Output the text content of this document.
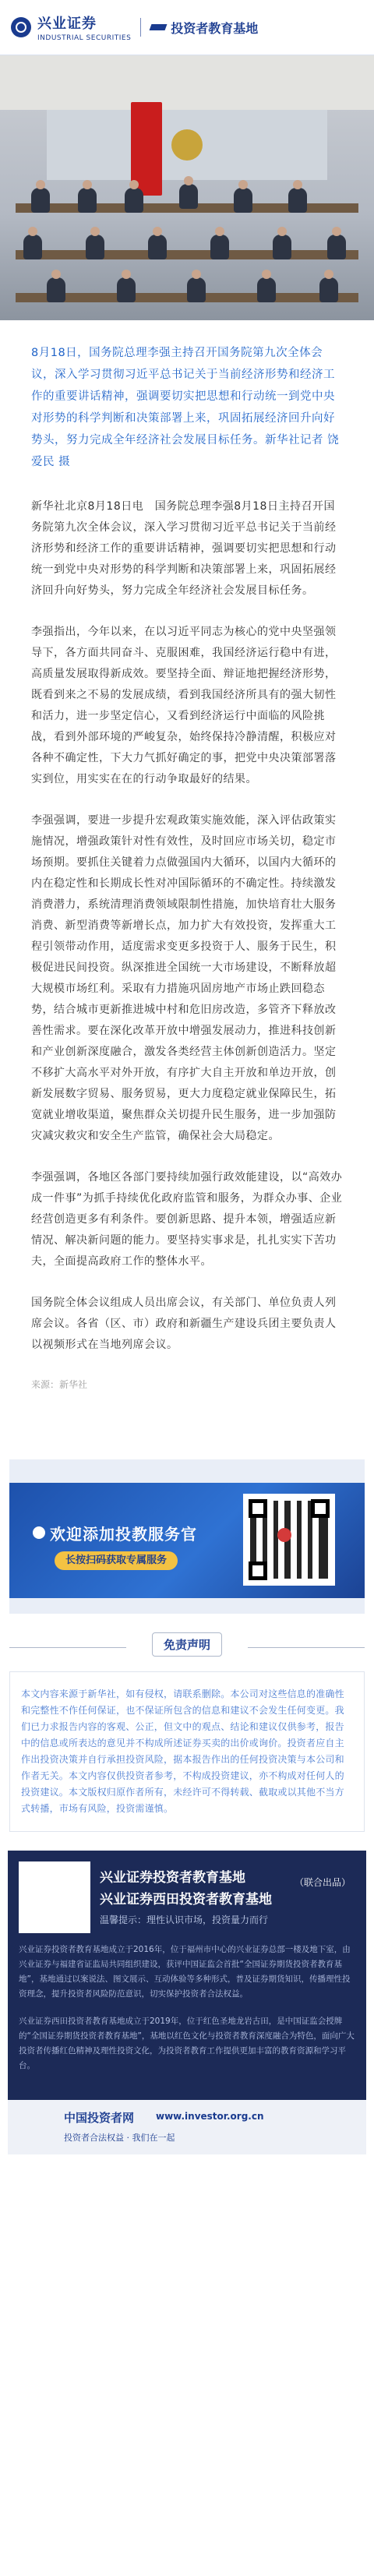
兴业证券
INDUSTRIAL SECURITIES
投资者教育基地

8月18日，国务院总理李强主持召开国务院第九次全体会议，深入学习贯彻习近平总书记关于当前经济形势和经济工作的重要讲话精神，强调要切实把思想和行动统一到党中央对形势的科学判断和决策部署上来，巩固拓展经济回升向好势头，努力完成全年经济社会发展目标任务。新华社记者 饶爱民 摄

新华社北京8月18日电　国务院总理李强8月18日主持召开国务院第九次全体会议，深入学习贯彻习近平总书记关于当前经济形势和经济工作的重要讲话精神，强调要切实把思想和行动统一到党中央对形势的科学判断和决策部署上来，巩固拓展经济回升向好势头，努力完成全年经济社会发展目标任务。

李强指出，今年以来，在以习近平同志为核心的党中央坚强领导下，各方面共同奋斗、克服困难，我国经济运行稳中有进，高质量发展取得新成效。要坚持全面、辩证地把握经济形势，既看到来之不易的发展成绩，看到我国经济所具有的强大韧性和活力，进一步坚定信心，又看到经济运行中面临的风险挑战，看到外部环境的严峻复杂，始终保持冷静清醒，积极应对各种不确定性，下大力气抓好确定的事，把党中央决策部署落实到位，用实实在在的行动争取最好的结果。

李强强调，要进一步提升宏观政策实施效能，深入评估政策实施情况，增强政策针对性有效性，及时回应市场关切，稳定市场预期。要抓住关键着力点做强国内大循环，以国内大循环的内在稳定性和长期成长性对冲国际循环的不确定性。持续激发消费潜力，系统清理消费领域限制性措施，加快培育壮大服务消费、新型消费等新增长点，加力扩大有效投资，发挥重大工程引领带动作用，适度需求变更多投资于人、服务于民生，积极促进民间投资。纵深推进全国统一大市场建设，不断释放超大规模市场红利。采取有力措施巩固房地产市场止跌回稳态势，结合城市更新推进城中村和危旧房改造，多管齐下释放改善性需求。要在深化改革开放中增强发展动力，推进科技创新和产业创新深度融合，激发各类经营主体创新创造活力。坚定不移扩大高水平对外开放，有序扩大自主开放和单边开放，创新发展数字贸易、服务贸易，更大力度稳定就业保障民生，拓宽就业增收渠道，聚焦群众关切提升民生服务，进一步加强防灾减灾救灾和安全生产监管，确保社会大局稳定。

李强强调，各地区各部门要持续加强行政效能建设，以“高效办成一件事”为抓手持续优化政府监管和服务，为群众办事、企业经营创造更多有利条件。要创新思路、提升本领，增强适应新情况、解决新问题的能力。要坚持实事求是，扎扎实实下苦功夫，全面提高政府工作的整体水平。

国务院全体会议组成人员出席会议，有关部门、单位负责人列席会议。各省（区、市）政府和新疆生产建设兵团主要负责人以视频形式在当地列席会议。

来源：新华社
欢迎添加投教服务官
长按扫码获取专属服务
免责声明

本文内容来源于新华社，如有侵权，请联系删除。本公司对这些信息的准确性和完整性不作任何保证，也不保证所包含的信息和建议不会发生任何变更。我们已力求报告内容的客观、公正，但文中的观点、结论和建议仅供参考，报告中的信息或所表达的意见并不构成所述证券买卖的出价或询价。投资者应自主作出投资决策并自行承担投资风险，据本报告作出的任何投资决策与本公司和作者无关。本文内容仅供投资者参考，不构成投资建议，亦不构成对任何人的投资建议。本文版权归原作者所有，未经许可不得转载、截取或以其他不当方式转播，市场有风险，投资需谨慎。

兴业证券投资者教育基地
兴业证券西田投资者教育基地
（联合出品）
温馨提示：理性认识市场，投资量力而行
兴业证券投资者教育基地成立于2016年，位于福州市中心的兴业证券总部一楼及地下室，由兴业证券与福建省证监局共同组织建设，获评中国证监会首批“全国证券期货投资者教育基地”，基地通过以案说法、图文展示、互动体验等多种形式，普及证券期货知识，传播理性投资理念，提升投资者风险防范意识，切实保护投资者合法权益。
兴业证券西田投资者教育基地成立于2019年，位于红色圣地龙岩古田，是中国证监会授牌的“全国证券期货投资者教育基地”，基地以红色文化与投资者教育深度融合为特色，面向广大投资者传播红色精神及理性投资文化，为投资者教育工作提供更加丰富的教育资源和学习平台。
中国投资者网 www.investor.org.cn
投资者合法权益 · 我们在一起
